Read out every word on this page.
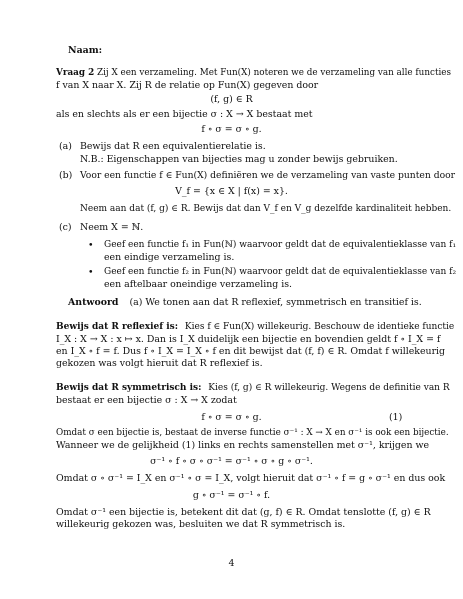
Naam:
Vraag 2 Zij X een verzameling. Met Fun(X) noteren we de verzameling van alle functies
f van X naar X. Zij R de relatie op Fun(X) gegeven door
(f, g) ∈ R
als en slechts als er een bijectie σ : X → X bestaat met
f ∘ σ = σ ∘ g.
(a) Bewijs dat R een equivalentierelatie is.
N.B.: Eigenschappen van bijecties mag u zonder bewijs gebruiken.
(b) Voor een functie f ∈ Fun(X) definiëren we de verzameling van vaste punten door
V_f = {x ∈ X | f(x) = x}.
Neem aan dat (f, g) ∈ R. Bewijs dat dan V_f en V_g dezelfde kardinaliteit hebben.
(c) Neem X = ℕ.
• Geef een functie f₁ in Fun(ℕ) waarvoor geldt dat de equivalentieklasse van f₁
een eindige verzameling is.
• Geef een functie f₂ in Fun(ℕ) waarvoor geldt dat de equivalentieklasse van f₂
een aftelbaar oneindige verzameling is.
Antwoord (a) We tonen aan dat R reflexief, symmetrisch en transitief is.
Bewijs dat R reflexief is: Kies f ∈ Fun(X) willekeurig. Beschouw de identieke functie
I_X : X → X : x ↦ x. Dan is I_X duidelijk een bijectie en bovendien geldt f ∘ I_X = f
en I_X ∘ f = f. Dus f ∘ I_X = I_X ∘ f en dit bewijst dat (f, f) ∈ R. Omdat f willekeurig
gekozen was volgt hieruit dat R reflexief is.
Bewijs dat R symmetrisch is: Kies (f, g) ∈ R willekeurig. Wegens de definitie van R
bestaat er een bijectie σ : X → X zodat
f ∘ σ = σ ∘ g.	(1)
Omdat σ een bijectie is, bestaat de inverse functie σ⁻¹ : X → X en σ⁻¹ is ook een bijectie.
Wanneer we de gelijkheid (1) links en rechts samenstellen met σ⁻¹, krijgen we
σ⁻¹ ∘ f ∘ σ ∘ σ⁻¹ = σ⁻¹ ∘ σ ∘ g ∘ σ⁻¹.
Omdat σ ∘ σ⁻¹ = I_X en σ⁻¹ ∘ σ = I_X, volgt hieruit dat σ⁻¹ ∘ f = g ∘ σ⁻¹ en dus ook
g ∘ σ⁻¹ = σ⁻¹ ∘ f.
Omdat σ⁻¹ een bijectie is, betekent dit dat (g, f) ∈ R. Omdat tenslotte (f, g) ∈ R
willekeurig gekozen was, besluiten we dat R symmetrisch is.
4
